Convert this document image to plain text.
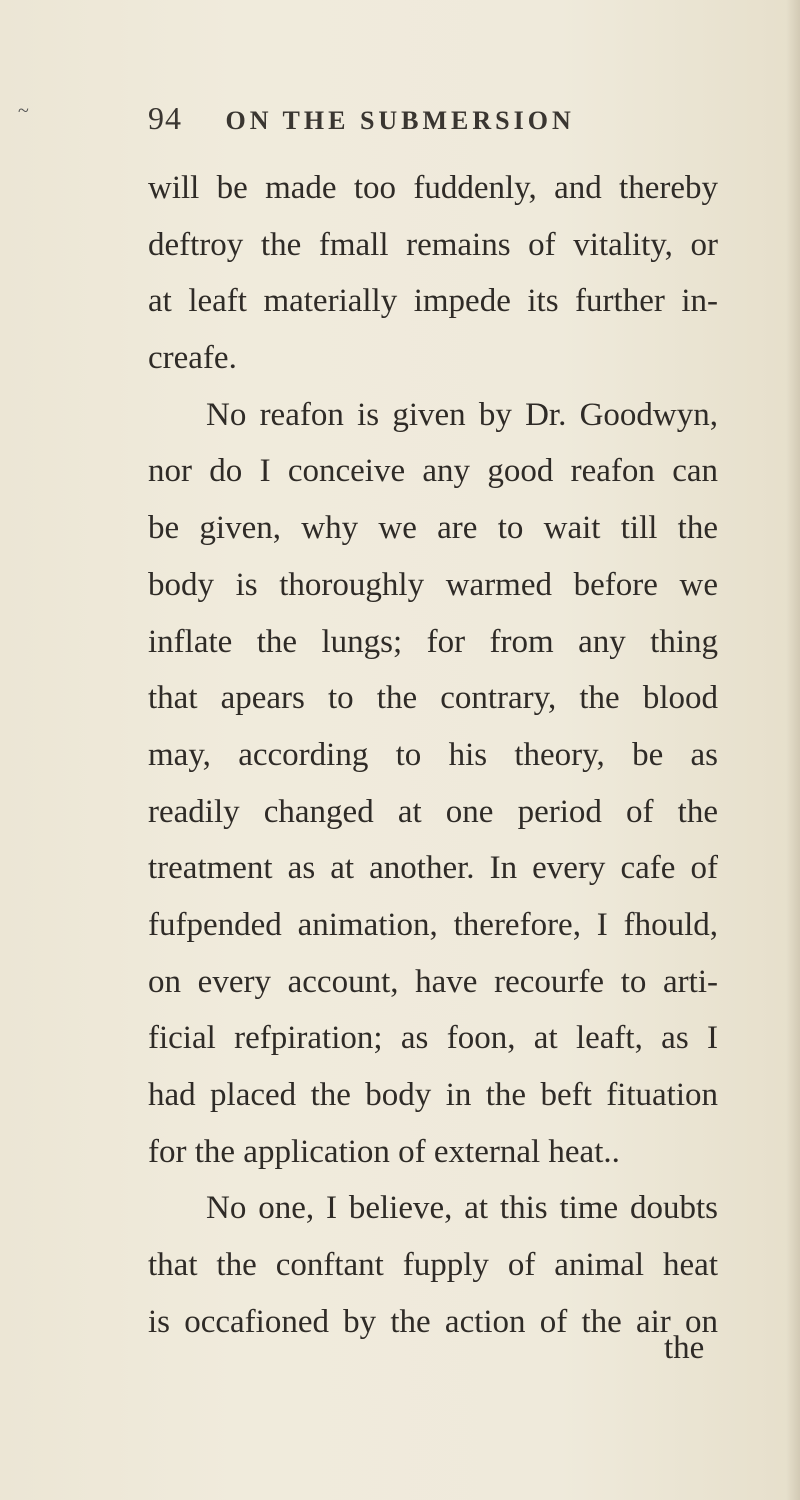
~	94 ON THE SUBMERSION
will be made too fuddenly, and thereby
deftroy the fmall remains of vitality, or
at leaft materially impede its further in-
creafe.
No reafon is given by Dr. Goodwyn,
nor do I conceive any good reafon can
be given, why we are to wait till the
body is thoroughly warmed before we
inflate the lungs; for from any thing
that apears to the contrary, the blood
may, according to his theory, be as
readily changed at one period of the
treatment as at another. In every cafe of
fufpended animation, therefore, I fhould,
on every account, have recourfe to arti-
ficial refpiration; as foon, at leaft, as I
had placed the body in the beft fituation
for the application of external heat..
No one, I believe, at this time doubts
that the conftant fupply of animal heat
is occafioned by the action of the air on
the
